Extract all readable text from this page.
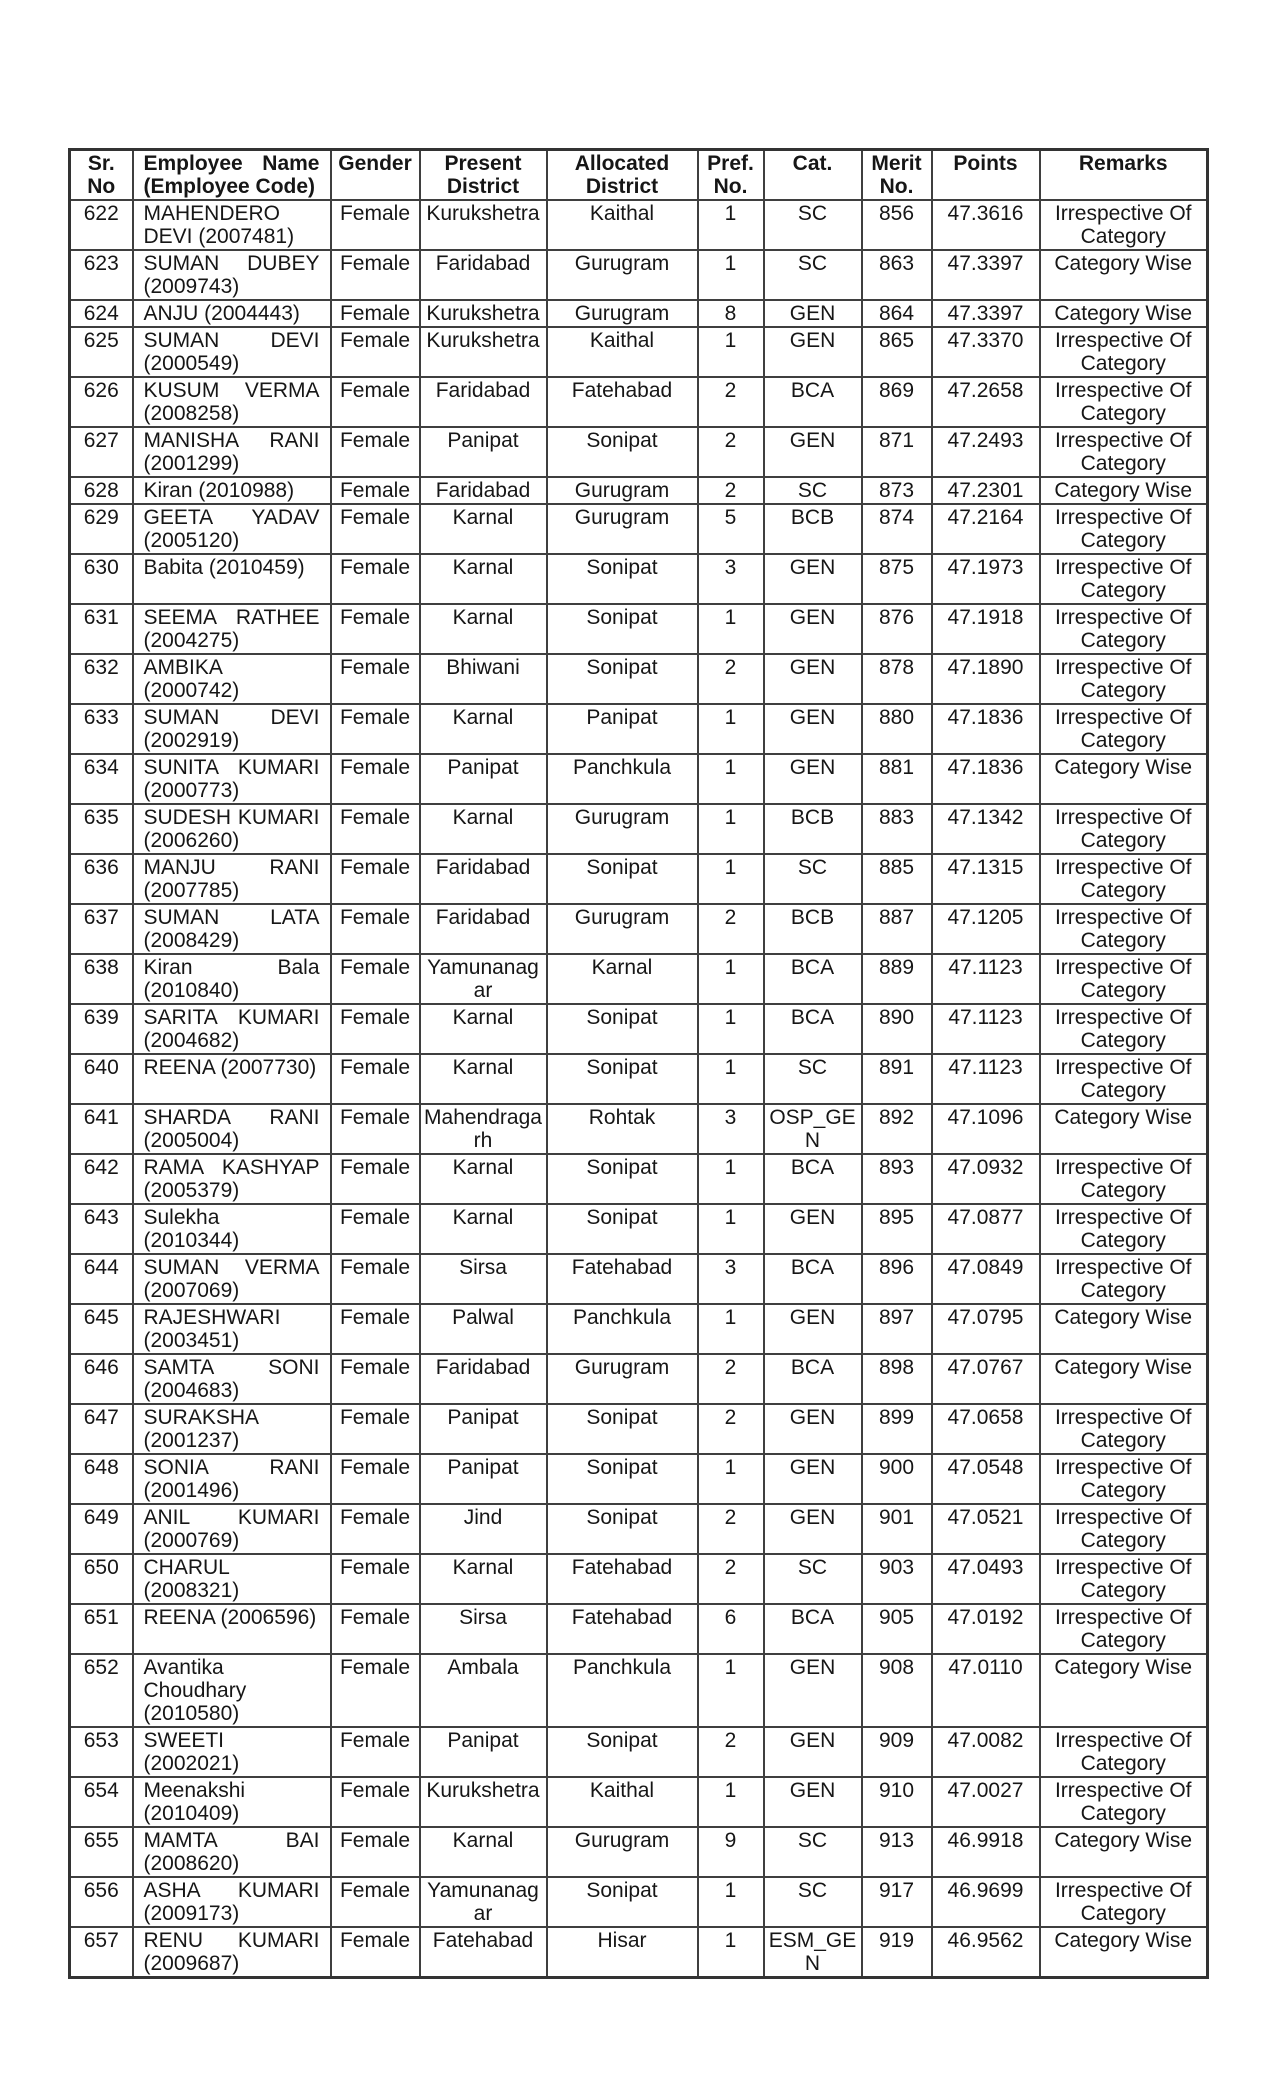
Sr. No	Employee Name (Employee Code)	Gender	Present District	Allocated District	Pref. No.	Cat.	Merit No.	Points	Remarks
622	MAHENDERO DEVI (2007481)	Female	Kurukshetra	Kaithal	1	SC	856	47.3616	Irrespective Of Category
623	SUMAN DUBEY (2009743)	Female	Faridabad	Gurugram	1	SC	863	47.3397	Category Wise
624	ANJU (2004443)	Female	Kurukshetra	Gurugram	8	GEN	864	47.3397	Category Wise
625	SUMAN DEVI (2000549)	Female	Kurukshetra	Kaithal	1	GEN	865	47.3370	Irrespective Of Category
626	KUSUM VERMA (2008258)	Female	Faridabad	Fatehabad	2	BCA	869	47.2658	Irrespective Of Category
627	MANISHA RANI (2001299)	Female	Panipat	Sonipat	2	GEN	871	47.2493	Irrespective Of Category
628	Kiran (2010988)	Female	Faridabad	Gurugram	2	SC	873	47.2301	Category Wise
629	GEETA YADAV (2005120)	Female	Karnal	Gurugram	5	BCB	874	47.2164	Irrespective Of Category
630	Babita (2010459)	Female	Karnal	Sonipat	3	GEN	875	47.1973	Irrespective Of Category
631	SEEMA RATHEE (2004275)	Female	Karnal	Sonipat	1	GEN	876	47.1918	Irrespective Of Category
632	AMBIKA (2000742)	Female	Bhiwani	Sonipat	2	GEN	878	47.1890	Irrespective Of Category
633	SUMAN DEVI (2002919)	Female	Karnal	Panipat	1	GEN	880	47.1836	Irrespective Of Category
634	SUNITA KUMARI (2000773)	Female	Panipat	Panchkula	1	GEN	881	47.1836	Category Wise
635	SUDESH KUMARI (2006260)	Female	Karnal	Gurugram	1	BCB	883	47.1342	Irrespective Of Category
636	MANJU RANI (2007785)	Female	Faridabad	Sonipat	1	SC	885	47.1315	Irrespective Of Category
637	SUMAN LATA (2008429)	Female	Faridabad	Gurugram	2	BCB	887	47.1205	Irrespective Of Category
638	Kiran Bala (2010840)	Female	Yamunanagar	Karnal	1	BCA	889	47.1123	Irrespective Of Category
639	SARITA KUMARI (2004682)	Female	Karnal	Sonipat	1	BCA	890	47.1123	Irrespective Of Category
640	REENA (2007730)	Female	Karnal	Sonipat	1	SC	891	47.1123	Irrespective Of Category
641	SHARDA RANI (2005004)	Female	Mahendragarh	Rohtak	3	OSP_GEN	892	47.1096	Category Wise
642	RAMA KASHYAP (2005379)	Female	Karnal	Sonipat	1	BCA	893	47.0932	Irrespective Of Category
643	Sulekha (2010344)	Female	Karnal	Sonipat	1	GEN	895	47.0877	Irrespective Of Category
644	SUMAN VERMA (2007069)	Female	Sirsa	Fatehabad	3	BCA	896	47.0849	Irrespective Of Category
645	RAJESHWARI (2003451)	Female	Palwal	Panchkula	1	GEN	897	47.0795	Category Wise
646	SAMTA SONI (2004683)	Female	Faridabad	Gurugram	2	BCA	898	47.0767	Category Wise
647	SURAKSHA (2001237)	Female	Panipat	Sonipat	2	GEN	899	47.0658	Irrespective Of Category
648	SONIA RANI (2001496)	Female	Panipat	Sonipat	1	GEN	900	47.0548	Irrespective Of Category
649	ANIL KUMARI (2000769)	Female	Jind	Sonipat	2	GEN	901	47.0521	Irrespective Of Category
650	CHARUL (2008321)	Female	Karnal	Fatehabad	2	SC	903	47.0493	Irrespective Of Category
651	REENA (2006596)	Female	Sirsa	Fatehabad	6	BCA	905	47.0192	Irrespective Of Category
652	Avantika Choudhary (2010580)	Female	Ambala	Panchkula	1	GEN	908	47.0110	Category Wise
653	SWEETI (2002021)	Female	Panipat	Sonipat	2	GEN	909	47.0082	Irrespective Of Category
654	Meenakshi (2010409)	Female	Kurukshetra	Kaithal	1	GEN	910	47.0027	Irrespective Of Category
655	MAMTA BAI (2008620)	Female	Karnal	Gurugram	9	SC	913	46.9918	Category Wise
656	ASHA KUMARI (2009173)	Female	Yamunanagar	Sonipat	1	SC	917	46.9699	Irrespective Of Category
657	RENU KUMARI (2009687)	Female	Fatehabad	Hisar	1	ESM_GEN	919	46.9562	Category Wise
